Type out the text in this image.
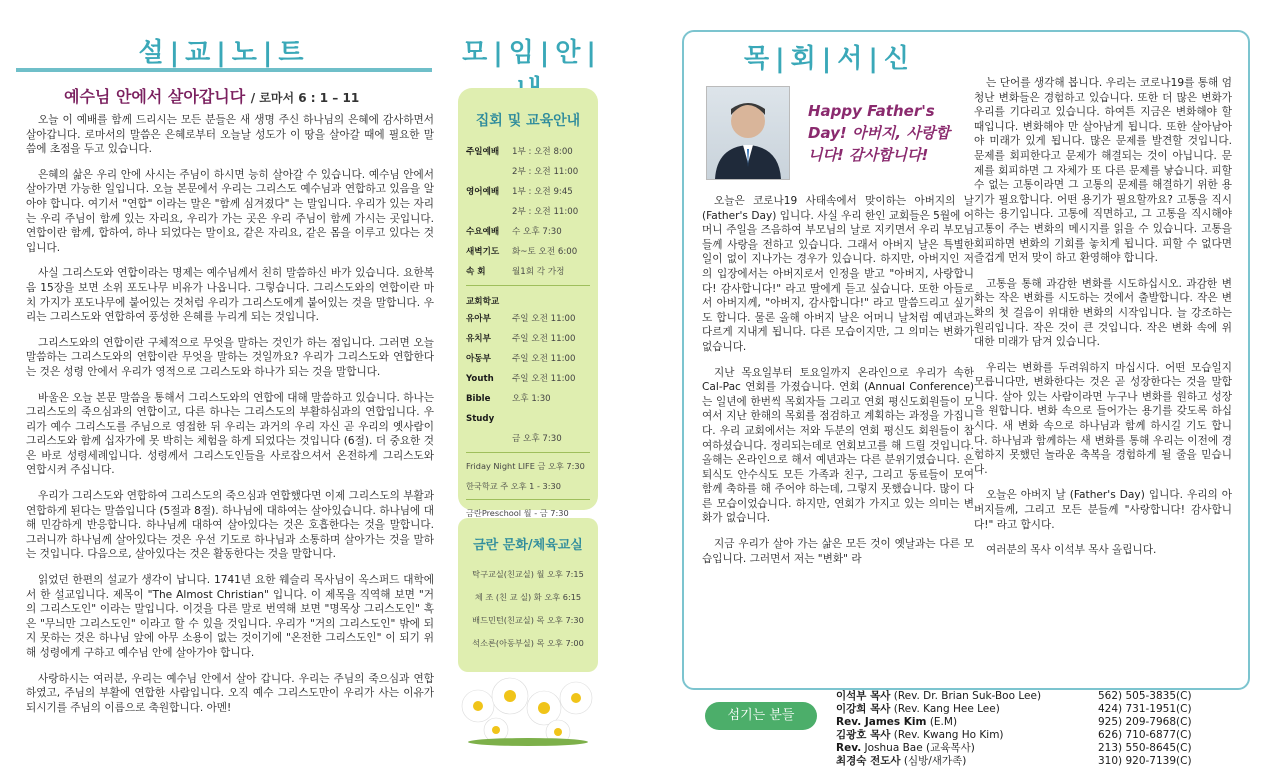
설|교|노|트
예수님 안에서 살아갑니다 / 로마서 6 : 1 – 11

오늘 이 예배를 함께 드리시는 모든 분들은 새 생명 주신 하나님의 은혜에 감사하면서 살아갑니다. 로마서의 말씀은 은혜로부터 오늘날 성도가 이 땅을 살아갈 때에 필요한 말씀에 초점을 두고 있습니다.

은혜의 삶은 우리 안에 사시는 주님이 하시면 능히 살아갈 수 있습니다. 예수님 안에서 살아가면 가능한 일입니다. 오늘 본문에서 우리는 그리스도 예수님과 연합하고 있음을 알아야 합니다. 여기서 "연합" 이라는 말은 "함께 심겨졌다" 는 말입니다. 우리가 있는 자리는 우리 주님이 함께 있는 자리요, 우리가 가는 곳은 우리 주님이 함께 가시는 곳입니다. 연합이란 함께, 합하여, 하나 되었다는 말이요, 같은 자리요, 같은 몸을 이루고 있다는 것입니다.

사실 그리스도와 연합이라는 명제는 예수님께서 친히 말씀하신 바가 있습니다. 요한복음 15장을 보면 소위 포도나무 비유가 나옵니다. 그렇습니다. 그리스도와의 연합이란 마치 가지가 포도나무에 붙어있는 것처럼 우리가 그리스도에게 붙어있는 것을 말합니다. 우리는 그리스도와 연합하여 풍성한 은혜를 누리게 되는 것입니다.

그리스도와의 연합이란 구체적으로 무엇을 말하는 것인가 하는 점입니다. 그러면 오늘 말씀하는 그리스도와의 연합이란 무엇을 말하는 것일까요? 우리가 그리스도와 연합한다는 것은 성령 안에서 우리가 영적으로 그리스도와 하나가 되는 것을 말합니다.

바울은 오늘 본문 말씀을 통해서 그리스도와의 연합에 대해 말씀하고 있습니다. 하나는 그리스도의 죽으심과의 연합이고, 다른 하나는 그리스도의 부활하심과의 연합입니다. 우리가 예수 그리스도를 주님으로 영접한 뒤 우리는 과거의 우리 자신 곧 우리의 옛사람이 그리스도와 함께 십자가에 못 박히는 체험을 하게 되었다는 것입니다 (6절). 더 중요한 것은 바로 성령세례입니다. 성령께서 그리스도인들을 사로잡으셔서 온전하게 그리스도와 연합시켜 주십니다.

우리가 그리스도와 연합하여 그리스도의 죽으심과 연합했다면 이제 그리스도의 부활과 연합하게 된다는 말씀입니다 (5절과 8절). 하나님에 대하여는 살아있습니다. 하나님에 대해 민감하게 반응합니다. 하나님께 대하여 살아있다는 것은 호흡한다는 것을 말합니다. 그러니까 하나님께 살아있다는 것은 우선 기도로 하나님과 소통하며 살아가는 것을 말하는 것입니다. 다음으로, 살아있다는 것은 활동한다는 것을 말합니다.

읽었던 한편의 설교가 생각이 납니다. 1741년 요한 웨슬리 목사님이 옥스퍼드 대학에서 한 설교입니다. 제목이 "The Almost Christian" 입니다. 이 제목을 직역해 보면 "거의 그리스도인" 이라는 말입니다. 이것을 다른 말로 번역해 보면 "명목상 그리스도인" 혹은 "무늬만 그리스도인" 이라고 할 수 있을 것입니다. 우리가 "거의 그리스도인" 밖에 되지 못하는 것은 하나님 앞에 아무 소용이 없는 것이기에 "온전한 그리스도인" 이 되기 위해 성령에게 구하고 예수님 안에 살아가야 합니다.

사랑하시는 여러분, 우리는 예수님 안에서 살아 갑니다. 우리는 주님의 죽으심과 연합하였고, 주님의 부활에 연합한 사람입니다. 오직 예수 그리스도만이 우리가 사는 이유가 되시기를 주님의 이름으로 축원합니다. 아멘!

모|임|안|
집회 및 교육안내
주일예배	1부 : 오전 8:00
2부 : 오전 11:00
영어예배	1부 : 오전 9:45
2부 : 오전 11:00
수요예배	수 오후 7:30
새벽기도	화~토 오전 6:00
속 회	월1회 각 가정
교회학교
유아부	주일 오전 11:00
유치부	주일 오전 11:00
아동부	주일 오전 11:00
Youth	주일 오전 11:00
Bible Study
오후 1:30
금 오후 7:30
Friday Night LIFE 금 오후 7:30
한국학교 주 오후 1 - 3:30
금란Preschool 월 - 금 7:30
금란 문화/체육교실
탁구교실(친교실) 월 오후 7:15
체 조 (친 교 실) 화 오후 6:15
배드민턴(친교실) 목 오후 7:30
석소론(아동부실) 목 오후 7:00
목|회|서|신
Happy Father's Day! 아버지, 사랑합니다! 감사합니다!

오늘은 코로나19 사태속에서 맞이하는 아버지의 날 (Father's Day) 입니다. 사실 우리 한인 교회들은 5월에 어머니 주일을 즈음하여 부모님의 날로 지키면서 우리 부모님들께 사랑을 전하고 있습니다. 그래서 아버지 날은 특별한 일이 없이 지나가는 경우가 있습니다. 하지만, 아버지인 저의 입장에서는 아버지로서 인정을 받고 "아버지, 사랑합니다! 감사합니다!" 라고 딸에게 듣고 싶습니다. 또한 아들로서 아버지께, "아버지, 감사합니다!" 라고 말씀드리고 싶기도 합니다. 물론 올해 아버지 날은 어머니 날처럼 예년과는 다르게 지내게 됩니다. 다른 모습이지만, 그 의미는 변화가 없습니다.

지난 목요일부터 토요일까지 온라인으로 우리가 속한 Cal-Pac 연회를 가졌습니다. 연회 (Annual Conference) 는 일년에 한번씩 목회자들 그리고 연회 평신도회원들이 모여서 지난 한해의 목회를 점검하고 계획하는 과정을 가집니다. 우리 교회에서는 저와 두분의 연회 평신도 회원들이 참여하셨습니다. 정리되는데로 연회보고를 해 드릴 것입니다. 올해는 온라인으로 해서 예년과는 다른 분위기였습니다. 은퇴식도 안수식도 모든 가족과 친구, 그리고 동료들이 모여 함께 축하를 해 주어야 하는데, 그렇지 못했습니다. 많이 다른 모습이었습니다. 하지만, 연회가 가지고 있는 의미는 변화가 없습니다.

지금 우리가 살아 가는 삶은 모든 것이 옛날과는 다른 모습입니다. 그러면서 저는 "변화" 라

는 단어를 생각해 봅니다. 우리는 코로나19를 통해 엄청난 변화들은 경험하고 있습니다. 또한 더 많은 변화가 우리를 기다리고 있습니다. 하여튼 지금은 변화해야 할 때입니다. 변화해야 만 살아남게 됩니다. 또한 살아남아야 미래가 있게 됩니다. 많은 문제를 발견할 것입니다. 문제를 회피한다고 문제가 해결되는 것이 아닙니다. 문제를 회피하면 그 자체가 또 다른 문제를 낳습니다. 피할 수 없는 고통이라면 그 고통의 문제를 해결하기 위한 용기가 필요합니다. 어떤 용기가 필요할까요? 고통을 직시하는 용기입니다. 고통에 직면하고, 그 고통을 직시해야 고통이 주는 변화의 메시지를 읽을 수 있습니다. 고통을 회피하면 변화의 기회를 놓치게 됩니다. 피할 수 없다면 즐겁게 먼저 맞이 하고 환영해야 합니다.

고통을 통해 과감한 변화를 시도하십시오. 과감한 변화는 작은 변화를 시도하는 것에서 출발합니다. 작은 변화의 첫 걸음이 위대한 변화의 시작입니다. 늘 강조하는 원리입니다. 작은 것이 큰 것입니다. 작은 변화 속에 위대한 미래가 담겨 있습니다.

우리는 변화를 두려워하지 마십시다. 어떤 모습일지 모릅니다만, 변화한다는 것은 곧 성장한다는 것을 말합니다. 살아 있는 사람이라면 누구나 변화를 원하고 성장을 원합니다. 변화 속으로 들어가는 용기를 갖도록 하십시다. 새 변화 속으로 하나님과 함께 하시길 기도 합니다. 하나님과 함께하는 새 변화를 통해 우리는 이전에 경험하지 못했던 놀라운 축복을 경험하게 될 줄을 믿습니다.

오늘은 아버지 날 (Father's Day) 입니다. 우리의 아버지들께, 그리고 모든 분들께 "사랑합니다! 감사합니다!" 라고 합시다.

여러분의 목사 이석부 목사 올립니다.

섬기는 분들
이석부 목사 (Rev. Dr. Brian Suk-Boo Lee)	562) 505-3835(C)
이강희 목사 (Rev. Kang Hee Lee)	424) 731-1951(C)
Rev. James Kim (E.M)	925) 209-7968(C)
김광호 목사 (Rev. Kwang Ho Kim)	626) 710-6877(C)
Rev. Joshua Bae (교육목사)	213) 550-8645(C)
최경숙 전도사 (심방/새가족)	310) 920-7139(C)
